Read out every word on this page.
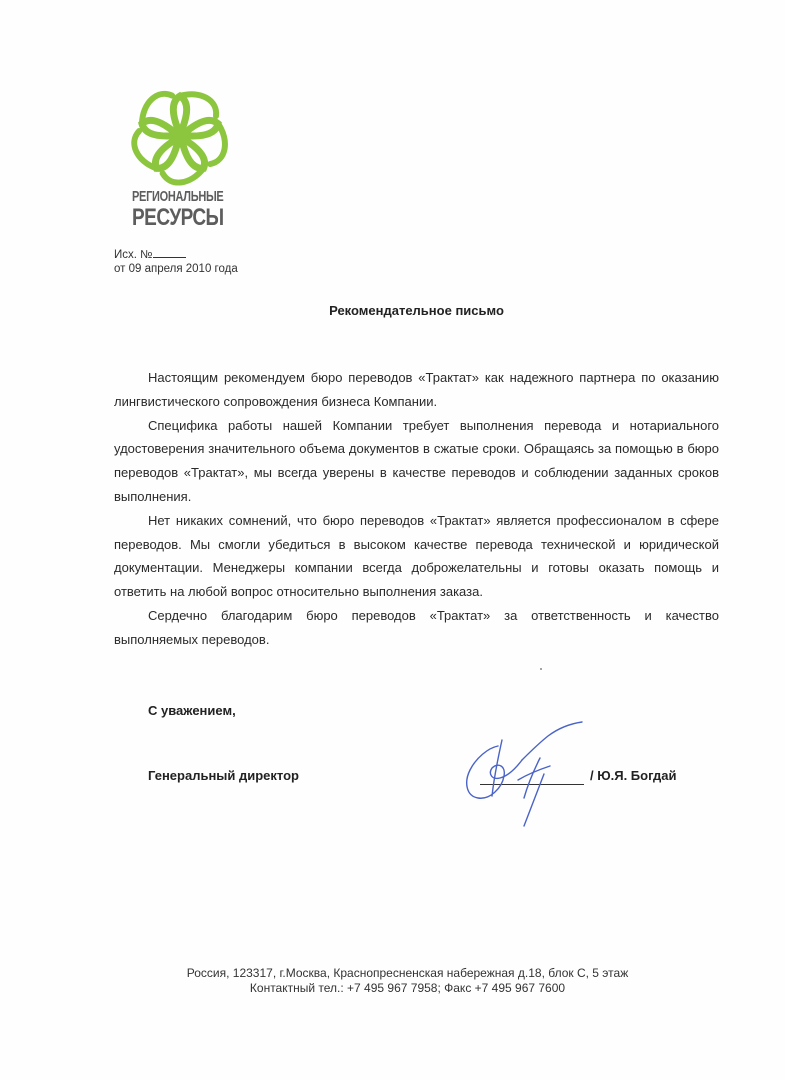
РЕГИОНАЛЬНЫЕ
РЕСУРСЫ
Исх. №
от 09 апреля 2010 года
Рекомендательное письмо

Настоящим рекомендуем бюро переводов «Трактат» как надежного партнера по оказанию лингвистического сопровождения бизнеса Компании.

Специфика работы нашей Компании требует выполнения перевода и нотариального удостоверения значительного объема документов в сжатые сроки. Обращаясь за помощью в бюро переводов «Трактат», мы всегда уверены в качестве переводов и соблюдении заданных сроков выполнения.

Нет никаких сомнений, что бюро переводов «Трактат» является профессионалом в сфере переводов. Мы смогли убедиться в высоком качестве перевода технической и юридической документации. Менеджеры компании всегда доброжелательны и готовы оказать помощь и ответить на любой вопрос относительно выполнения заказа.

Сердечно благодарим бюро переводов «Трактат» за ответственность и качество выполняемых переводов.

С уважением,
Генеральный директор	/ Ю.Я. Богдай
Россия, 123317, г.Москва, Краснопресненская набережная д.18, блок С, 5 этаж
Контактный тел.: +7 495 967 7958; Факс +7 495 967 7600
